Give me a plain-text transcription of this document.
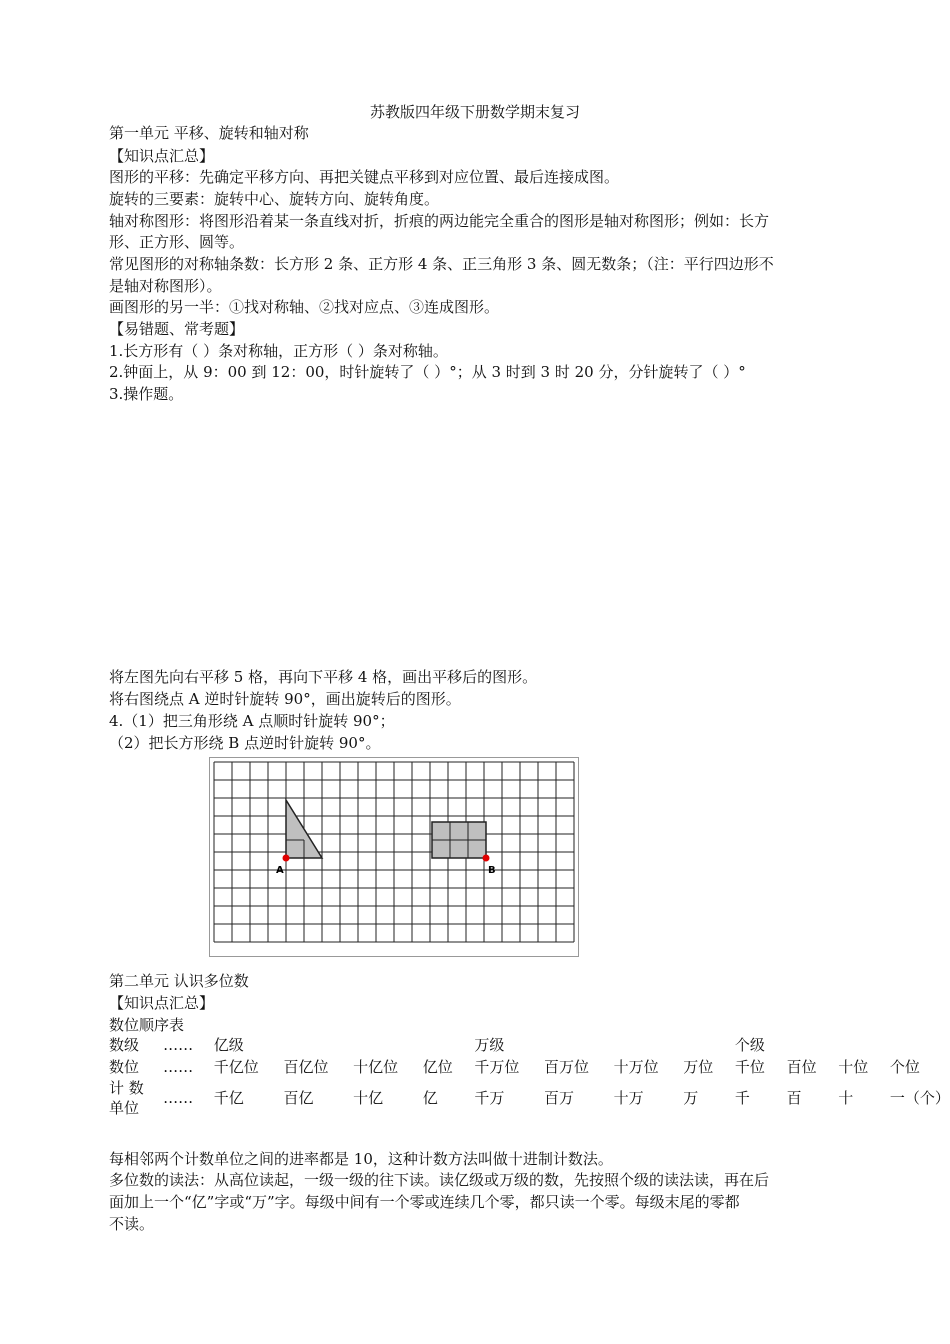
苏教版四年级下册数学期末复习
第一单元 平移、旋转和轴对称
【知识点汇总】
图形的平移：先确定平移方向、再把关键点平移到对应位置、最后连接成图。
旋转的三要素：旋转中心、旋转方向、旋转角度。
轴对称图形：将图形沿着某一条直线对折，折痕的两边能完全重合的图形是轴对称图形；例如：长方
形、正方形、圆等。
常见图形的对称轴条数：长方形 2 条、正方形 4 条、正三角形 3 条、圆无数条；（注：平行四边形不
是轴对称图形）。
画图形的另一半：①找对称轴、②找对应点、③连成图形。
【易错题、常考题】
1.长方形有（ ）条对称轴，正方形（ ）条对称轴。
2.钟面上，从 9：00 到 12：00，时针旋转了（ ）°；从 3 时到 3 时 20 分，分针旋转了（ ）°
3.操作题。
将左图先向右平移 5 格，再向下平移 4 格，画出平移后的图形。
将右图绕点 A 逆时针旋转 90°，画出旋转后的图形。
4.（1）把三角形绕 A 点顺时针旋转 90°；
（2）把长方形绕 B 点逆时针旋转 90°。
A	B
第二单元 认识多位数
【知识点汇总】
数位顺序表
数级	……	亿级				万级				个级			
数位	……	千亿位	百亿位	十亿位	亿位	千万位	百万位	十万位	万位	千位	百位	十位	个位
计 数 单位	……	千亿	百亿	十亿	亿	千万	百万	十万	万	千	百	十	一（个）
每相邻两个计数单位之间的进率都是 10，这种计数方法叫做十进制计数法。
多位数的读法：从高位读起，一级一级的往下读。读亿级或万级的数，先按照个级的读法读，再在后
面加上一个“亿”字或“万”字。每级中间有一个零或连续几个零，都只读一个零。每级末尾的零都
不读。
